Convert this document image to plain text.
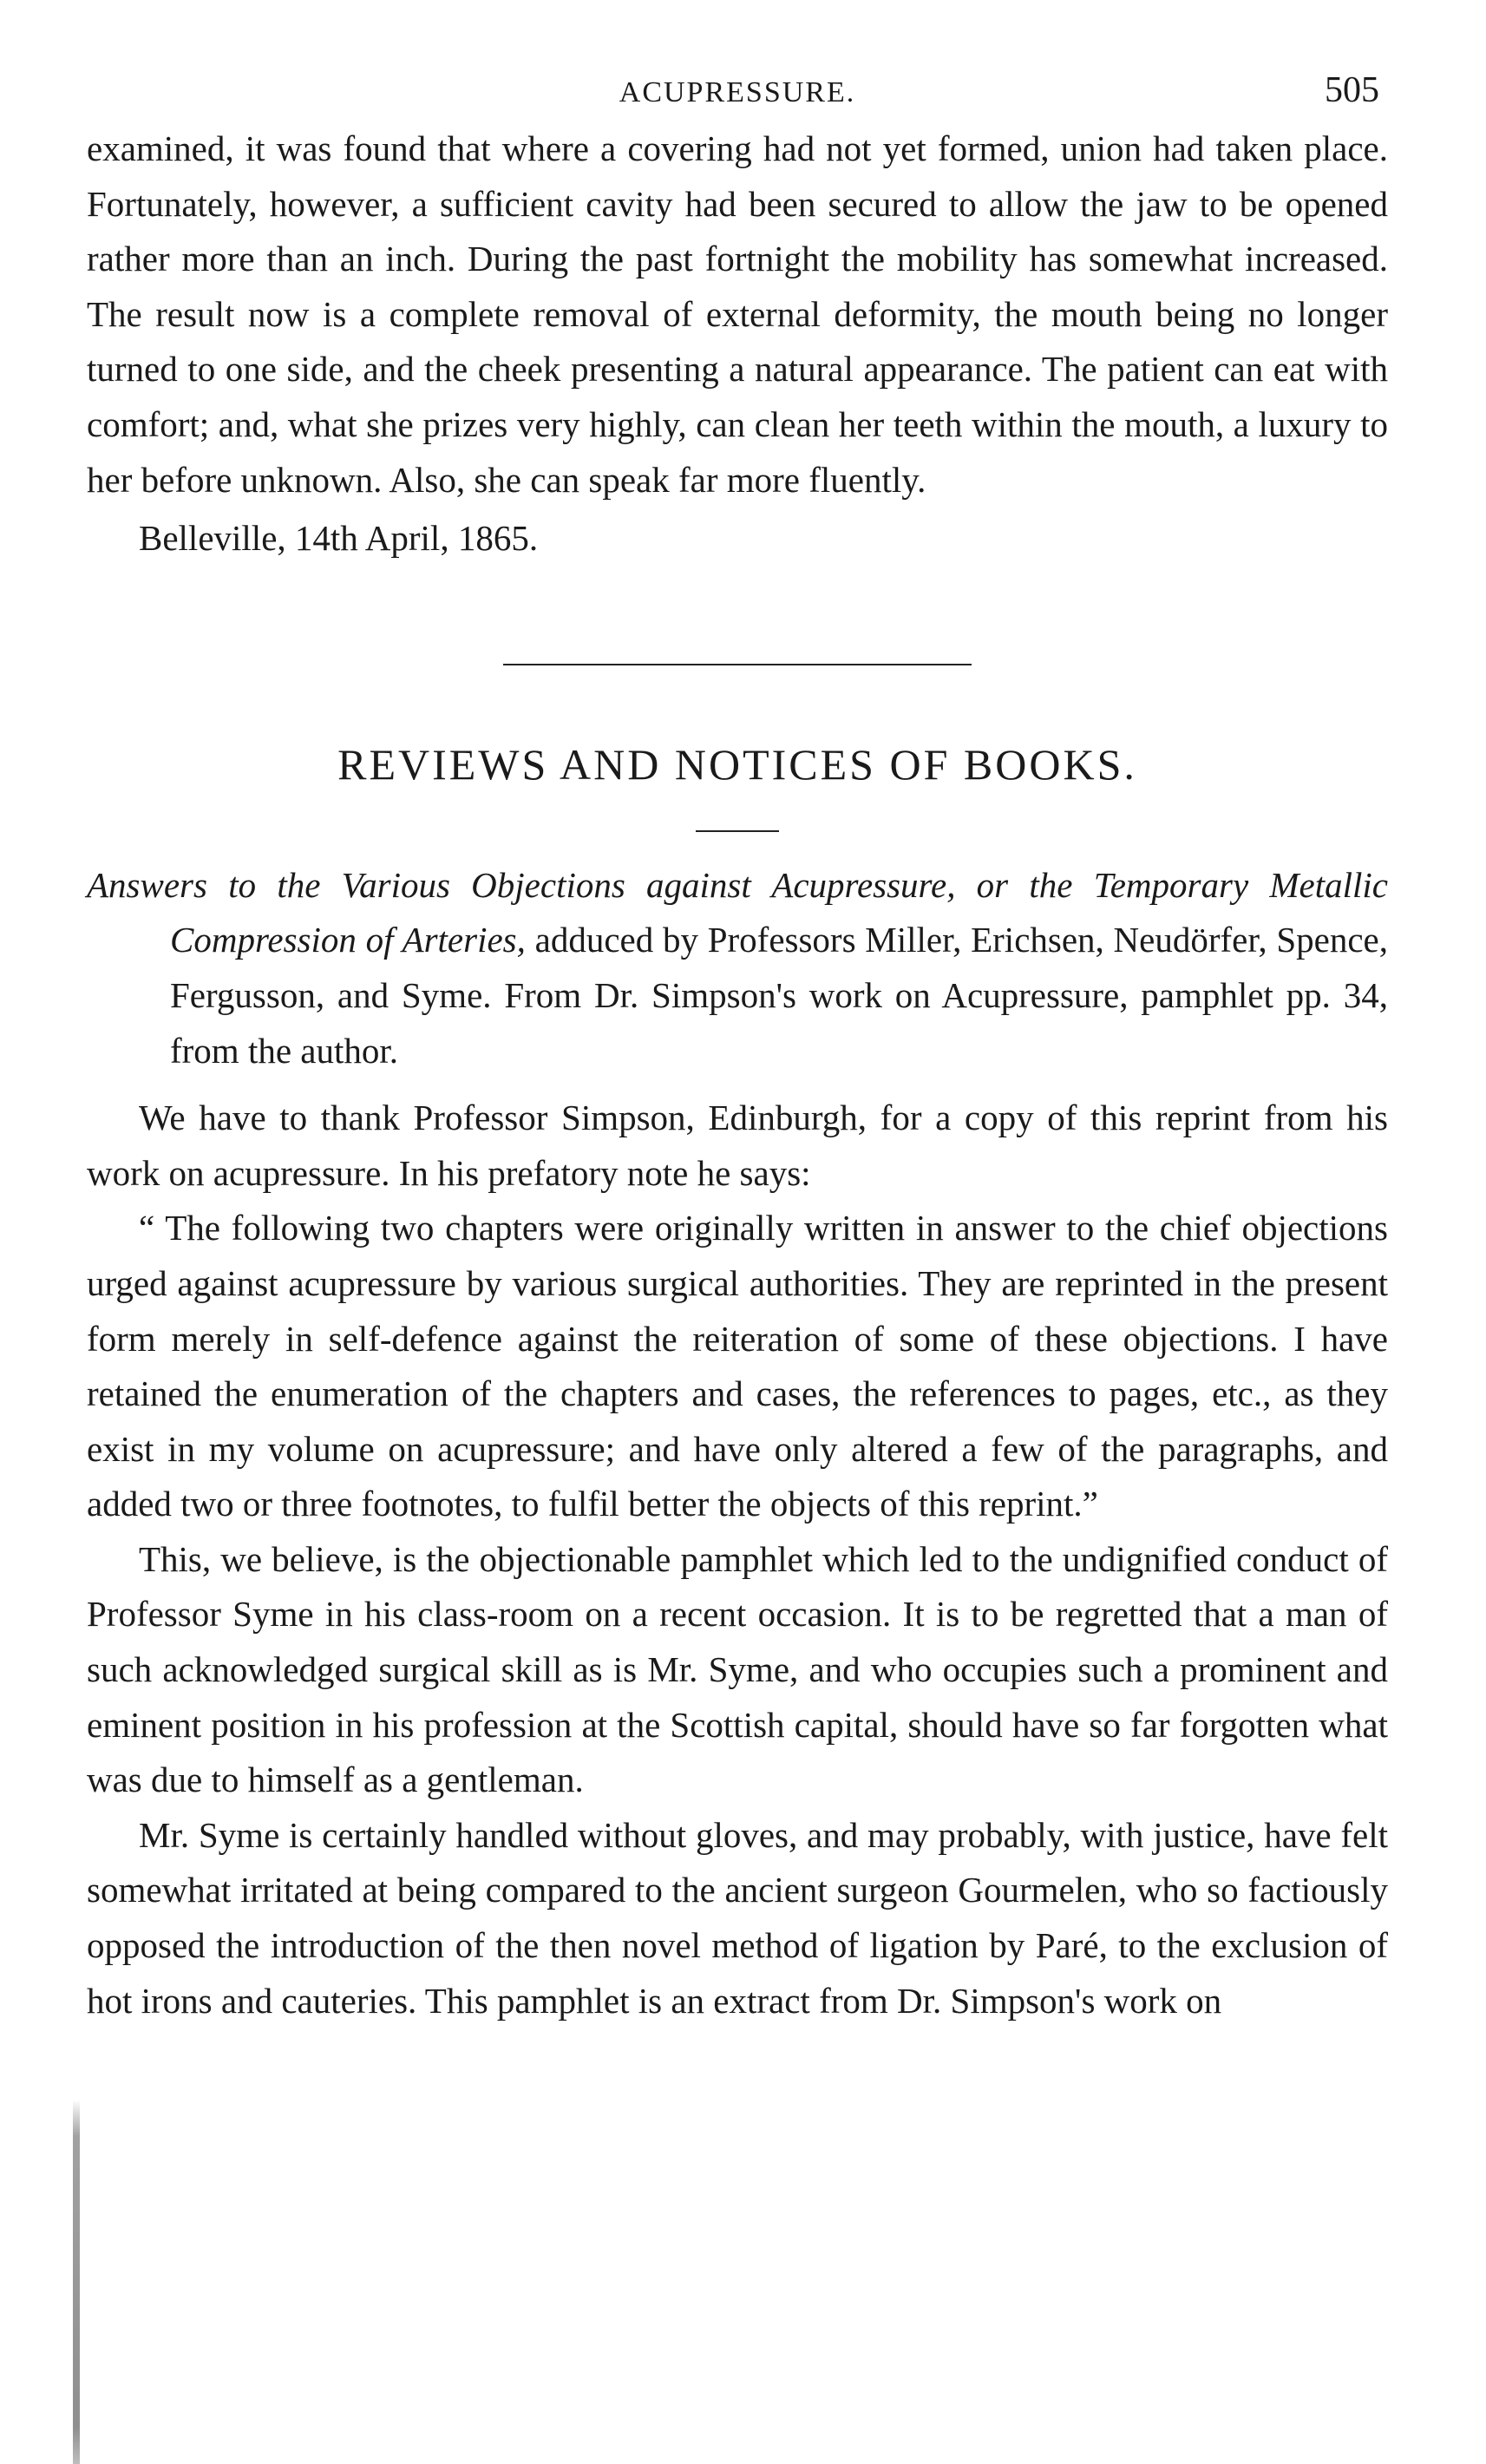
ACUPRESSURE.	505

examined, it was found that where a covering had not yet formed, union had taken place. Fortunately, however, a sufficient cavity had been secured to allow the jaw to be opened rather more than an inch. During the past fortnight the mobility has somewhat increased. The result now is a complete removal of external deformity, the mouth being no longer turned to one side, and the cheek presenting a natural appearance. The patient can eat with comfort; and, what she prizes very highly, can clean her teeth within the mouth, a luxury to her before unknown. Also, she can speak far more fluently.

Belleville, 14th April, 1865.

REVIEWS AND NOTICES OF BOOKS.
Answers to the Various Objections against Acupressure, or the Temporary Metallic Compression of Arteries, adduced by Professors Miller, Erichsen, Neudörfer, Spence, Fergusson, and Syme. From Dr. Simpson's work on Acupressure, pamphlet pp. 34, from the author.

We have to thank Professor Simpson, Edinburgh, for a copy of this reprint from his work on acupressure. In his prefatory note he says:

“ The following two chapters were originally written in answer to the chief objections urged against acupressure by various surgical authorities. They are reprinted in the present form merely in self-defence against the reiteration of some of these objections. I have retained the enumeration of the chapters and cases, the references to pages, etc., as they exist in my volume on acupressure; and have only altered a few of the paragraphs, and added two or three footnotes, to fulfil better the objects of this reprint.”

This, we believe, is the objectionable pamphlet which led to the undignified conduct of Professor Syme in his class-room on a recent occasion. It is to be regretted that a man of such acknowledged surgical skill as is Mr. Syme, and who occupies such a prominent and eminent position in his profession at the Scottish capital, should have so far forgotten what was due to himself as a gentleman.

Mr. Syme is certainly handled without gloves, and may probably, with justice, have felt somewhat irritated at being compared to the ancient surgeon Gourmelen, who so factiously opposed the introduction of the then novel method of ligation by Paré, to the exclusion of hot irons and cauteries. This pamphlet is an extract from Dr. Simpson's work on
